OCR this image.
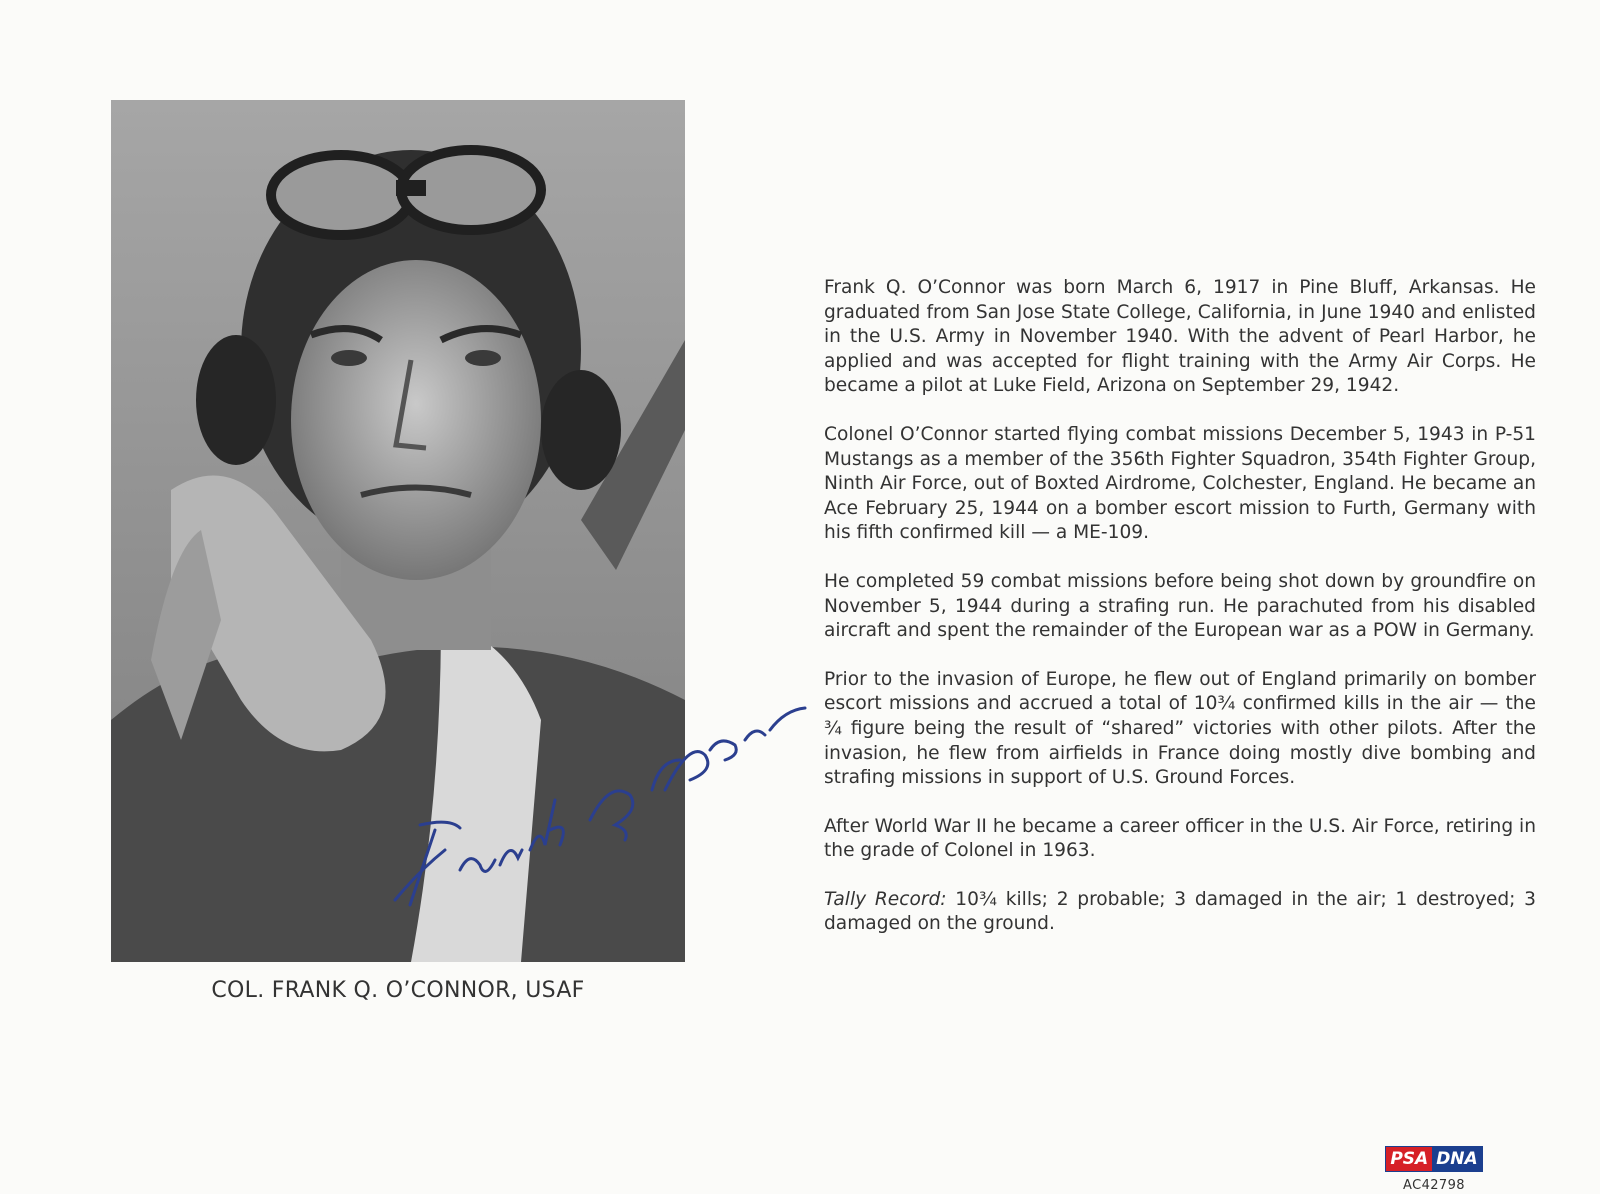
COL. FRANK Q. O’CONNOR, USAF

Frank Q. O’Connor was born March 6, 1917 in Pine Bluff, Arkansas. He graduated from San Jose State College, California, in June 1940 and enlisted in the U.S. Army in November 1940. With the advent of Pearl Harbor, he applied and was accepted for flight training with the Army Air Corps. He became a pilot at Luke Field, Arizona on September 29, 1942.

Colonel O’Connor started flying combat missions December 5, 1943 in P-51 Mustangs as a member of the 356th Fighter Squadron, 354th Fighter Group, Ninth Air Force, out of Boxted Airdrome, Colchester, England. He became an Ace February 25, 1944 on a bomber escort mission to Furth, Germany with his fifth confirmed kill — a ME-109.

He completed 59 combat missions before being shot down by groundfire on November 5, 1944 during a strafing run. He parachuted from his disabled aircraft and spent the remainder of the European war as a POW in Germany.

Prior to the invasion of Europe, he flew out of England primarily on bomber escort missions and accrued a total of 10¾ confirmed kills in the air — the ¾ figure being the result of “shared” victories with other pilots. After the invasion, he flew from airfields in France doing mostly dive bombing and strafing missions in support of U.S. Ground Forces.

After World War II he became a career officer in the U.S. Air Force, retiring in the grade of Colonel in 1963.

Tally Record: 10¾ kills; 2 probable; 3 damaged in the air; 1 destroyed; 3 damaged on the ground.

PSA DNA
AC42798
